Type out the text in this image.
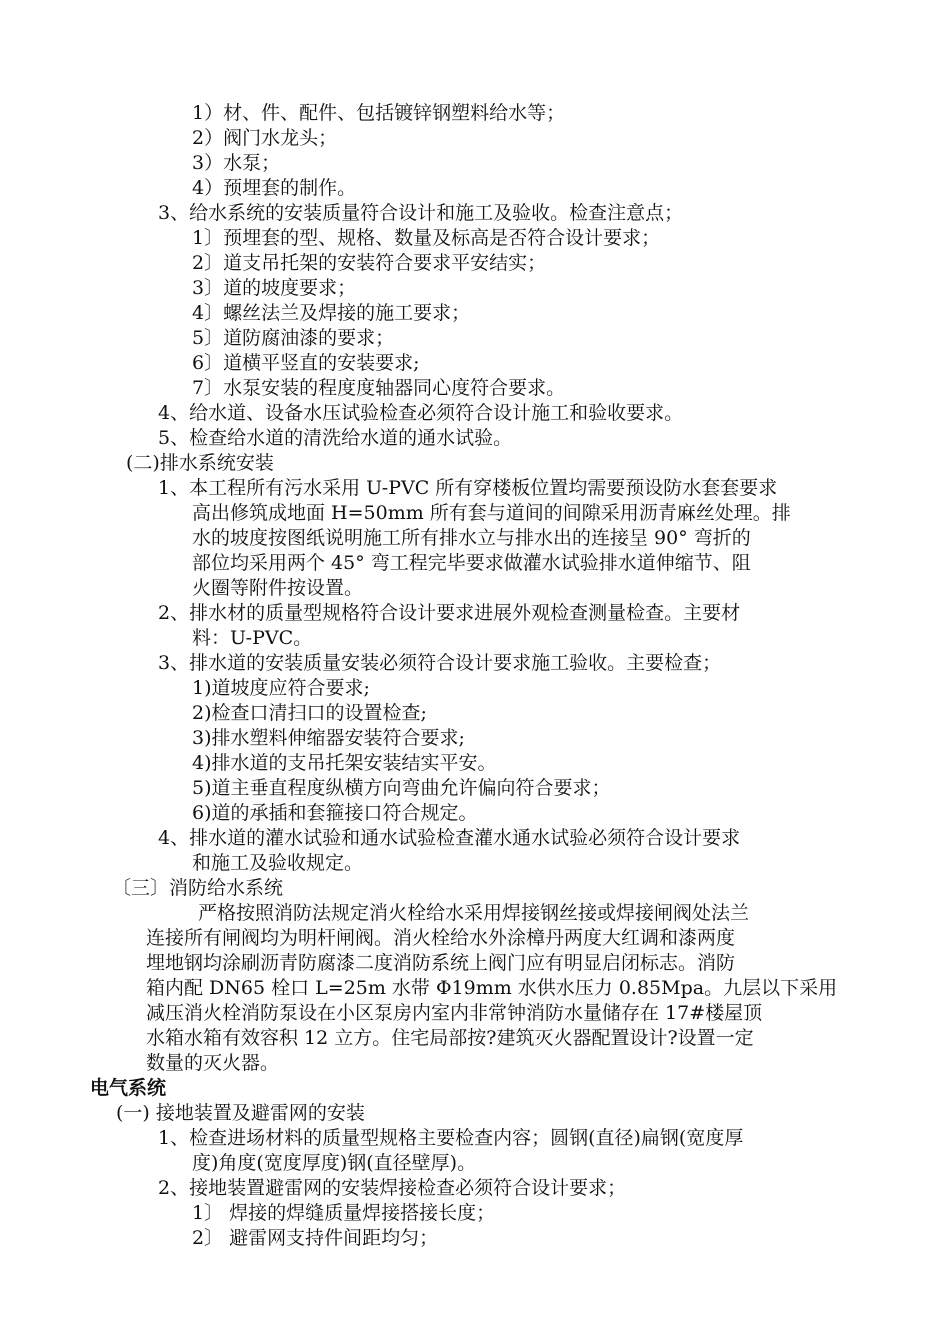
1）材、件、配件、包括镀锌钢塑料给水等；
2）阀门水龙头；
3）水泵；
4）预埋套的制作。
3、给水系统的安装质量符合设计和施工及验收。检查注意点；
1〕预埋套的型、规格、数量及标高是否符合设计要求；
2〕道支吊托架的安装符合要求平安结实；
3〕道的坡度要求；
4〕螺丝法兰及焊接的施工要求；
5〕道防腐油漆的要求；
6〕道横平竖直的安装要求;
7〕水泵安装的程度度轴器同心度符合要求。
4、给水道、设备水压试验检查必须符合设计施工和验收要求。
5、检查给水道的清洗给水道的通水试验。
(二)排水系统安装
1、本工程所有污水采用 U-PVC 所有穿楼板位置均需要预设防水套套要求
高出修筑成地面 H=50mm 所有套与道间的间隙采用沥青麻丝处理。排
水的坡度按图纸说明施工所有排水立与排水出的连接呈 90° 弯折的
部位均采用两个 45° 弯工程完毕要求做灌水试验排水道伸缩节、阻
火圈等附件按设置。
2、排水材的质量型规格符合设计要求进展外观检查测量检查。主要材
料：U-PVC。
3、排水道的安装质量安装必须符合设计要求施工验收。主要检查；
1)道坡度应符合要求;
2)检查口清扫口的设置检查;
3)排水塑料伸缩器安装符合要求;
4)排水道的支吊托架安装结实平安。
5)道主垂直程度纵横方向弯曲允许偏向符合要求；
6)道的承插和套箍接口符合规定。
4、排水道的灌水试验和通水试验检查灌水通水试验必须符合设计要求
和施工及验收规定。
〔三〕消防给水系统
严格按照消防法规定消火栓给水采用焊接钢丝接或焊接闸阀处法兰
连接所有闸阀均为明杆闸阀。消火栓给水外涂樟丹两度大红调和漆两度
埋地钢均涂刷沥青防腐漆二度消防系统上阀门应有明显启闭标志。消防
箱内配 DN65 栓口 L=25m 水带 Φ19mm 水供水压力 0.85Mpa。九层以下采用
减压消火栓消防泵设在小区泵房内室内非常钟消防水量储存在 17#楼屋顶
水箱水箱有效容积 12 立方。住宅局部按?建筑灭火器配置设计?设置一定
数量的灭火器。
电气系统
(一) 接地装置及避雷网的安装
1、检查进场材料的质量型规格主要检查内容；圆钢(直径)扁钢(宽度厚
度)角度(宽度厚度)钢(直径壁厚)。
2、接地装置避雷网的安装焊接检查必须符合设计要求；
1〕 焊接的焊缝质量焊接搭接长度；
2〕 避雷网支持件间距均匀；
